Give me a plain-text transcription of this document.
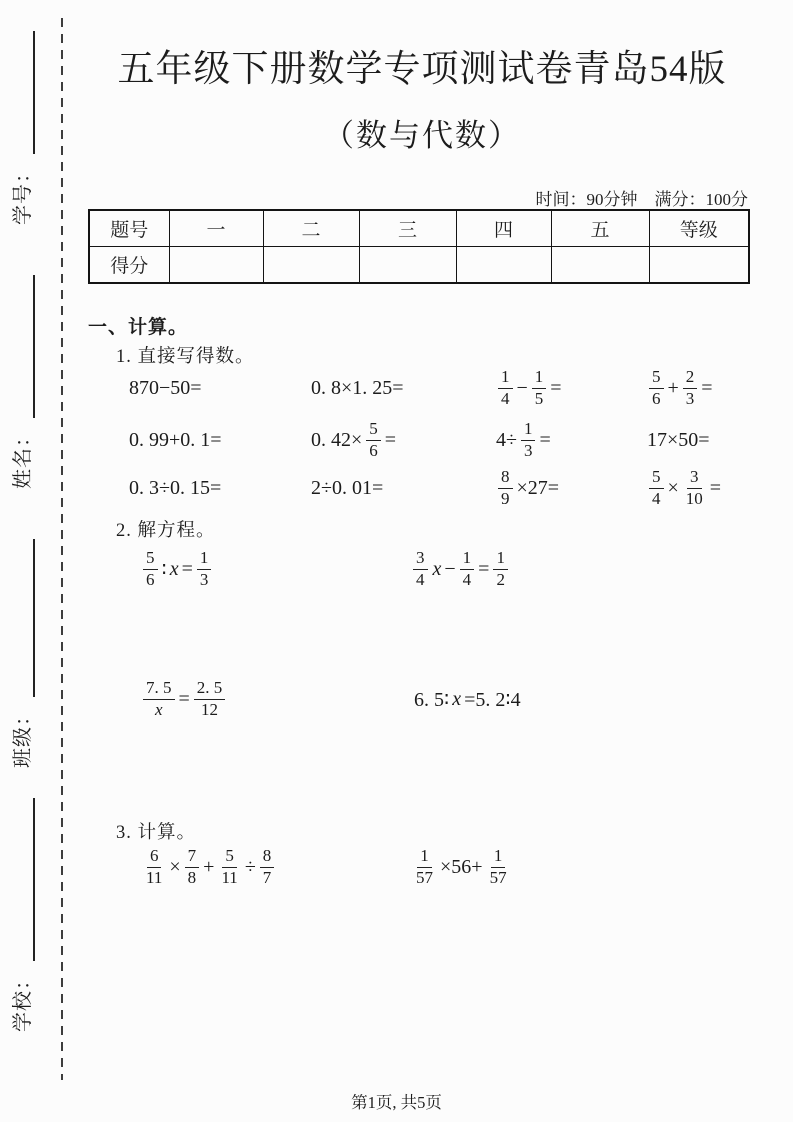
学校：
班级：
姓名：
学号：
五年级下册数学专项测试卷青岛54版
（数与代数）
时间：90分钟　满分：100分
题号	一	二	三	四	五	等级
得分						
一、计算。
1. 直接写得数。
870−50=	0. 8×1. 25=	$\frac{1}{4} - \frac{1}{5}$ =	$\frac{5}{6} + \frac{2}{3}$ =
0. 99+0. 1=	0. $42\times \frac{5}{6}$ =	$4\div \frac{1}{3}$ =	17×50=
0. 3÷0. 15=	2÷0. 01=	$\frac{8}{9} \times 27=$	$\frac{5}{4} \times \frac{3}{10}$ =
2. 解方程。
$\frac{5}{6}$ ∶ $x = \frac{1}{3}$	$\frac{3}{4}$ $x - \frac{1}{4} = \frac{1}{2}$
$\frac{7. 5}{x} = \frac{2. 5}{12}$	6. 5∶ x =5. 2∶4
3. 计算。
$\frac{6}{11} \times \frac{7}{8} + \frac{5}{11} \div \frac{8}{7}$	$\frac{1}{57} \times 56+ \frac{1}{57}$
第1页, 共5页
